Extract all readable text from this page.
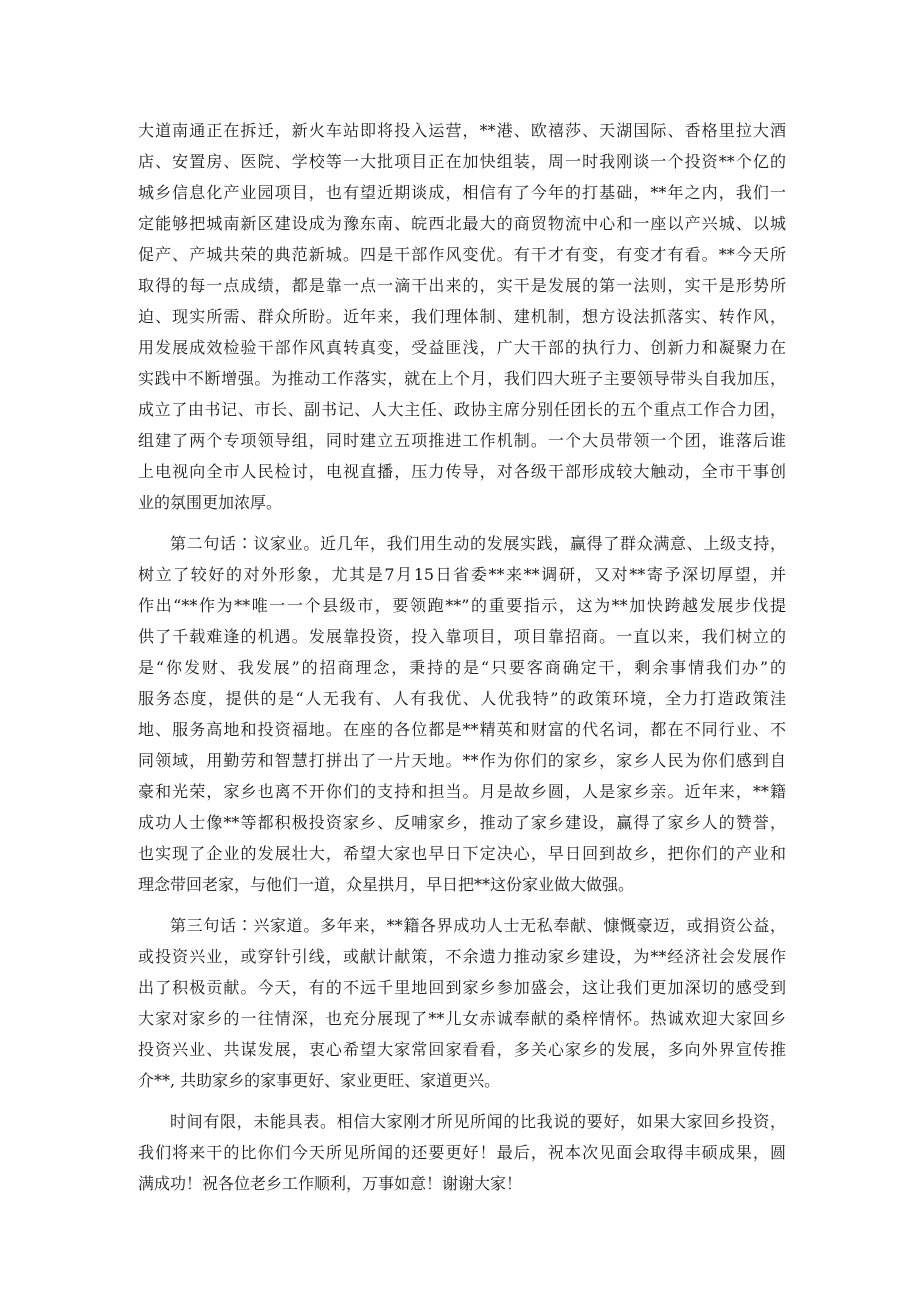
大道南通正在拆迁，新火车站即将投入运营，**港、欧禧莎、天湖国际、香格里拉大酒
店、安置房、医院、学校等一大批项目正在加快组装，周一时我刚谈一个投资**个亿的
城乡信息化产业园项目，也有望近期谈成，相信有了今年的打基础，**年之内，我们一
定能够把城南新区建设成为豫东南、皖西北最大的商贸物流中心和一座以产兴城、以城
促产、产城共荣的典范新城。四是干部作风变优。有干才有变，有变才有看。**今天所
取得的每一点成绩，都是靠一点一滴干出来的，实干是发展的第一法则，实干是形势所
迫、现实所需、群众所盼。近年来，我们理体制、建机制，想方设法抓落实、转作风，
用发展成效检验干部作风真转真变，受益匪浅，广大干部的执行力、创新力和凝聚力在
实践中不断增强。为推动工作落实，就在上个月，我们四大班子主要领导带头自我加压，
成立了由书记、市长、副书记、人大主任、政协主席分别任团长的五个重点工作合力团，
组建了两个专项领导组，同时建立五项推进工作机制。一个大员带领一个团，谁落后谁
上电视向全市人民检讨，电视直播，压力传导，对各级干部形成较大触动，全市干事创
业的氛围更加浓厚。
第二句话∶议家业。近几年，我们用生动的发展实践，赢得了群众满意、上级支持，
树立了较好的对外形象，尤其是7月15日省委**来**调研，又对**寄予深切厚望，并
作出“**作为**唯一一个县级市，要领跑**”的重要指示，这为**加快跨越发展步伐提
供了千载难逢的机遇。发展靠投资，投入靠项目，项目靠招商。一直以来，我们树立的
是“你发财、我发展”的招商理念，秉持的是“只要客商确定干，剩余事情我们办”的
服务态度，提供的是“人无我有、人有我优、人优我特”的政策环境，全力打造政策洼
地、服务高地和投资福地。在座的各位都是**精英和财富的代名词，都在不同行业、不
同领域，用勤劳和智慧打拼出了一片天地。**作为你们的家乡，家乡人民为你们感到自
豪和光荣，家乡也离不开你们的支持和担当。月是故乡圆，人是家乡亲。近年来，**籍
成功人士像**等都积极投资家乡、反哺家乡，推动了家乡建设，赢得了家乡人的赞誉，
也实现了企业的发展壮大，希望大家也早日下定决心，早日回到故乡，把你们的产业和
理念带回老家，与他们一道，众星拱月，早日把**这份家业做大做强。
第三句话∶兴家道。多年来，**籍各界成功人士无私奉献、慷慨豪迈，或捐资公益，
或投资兴业，或穿针引线，或献计献策，不余遗力推动家乡建设，为**经济社会发展作
出了积极贡献。今天，有的不远千里地回到家乡参加盛会，这让我们更加深切的感受到
大家对家乡的一往情深，也充分展现了**儿女赤诚奉献的桑梓情怀。热诚欢迎大家回乡
投资兴业、共谋发展，衷心希望大家常回家看看，多关心家乡的发展，多向外界宣传推
介**, 共助家乡的家事更好、家业更旺、家道更兴。
时间有限，未能具表。相信大家刚才所见所闻的比我说的要好，如果大家回乡投资，
我们将来干的比你们今天所见所闻的还要更好！最后，祝本次见面会取得丰硕成果，圆
满成功！祝各位老乡工作顺利，万事如意！谢谢大家！
